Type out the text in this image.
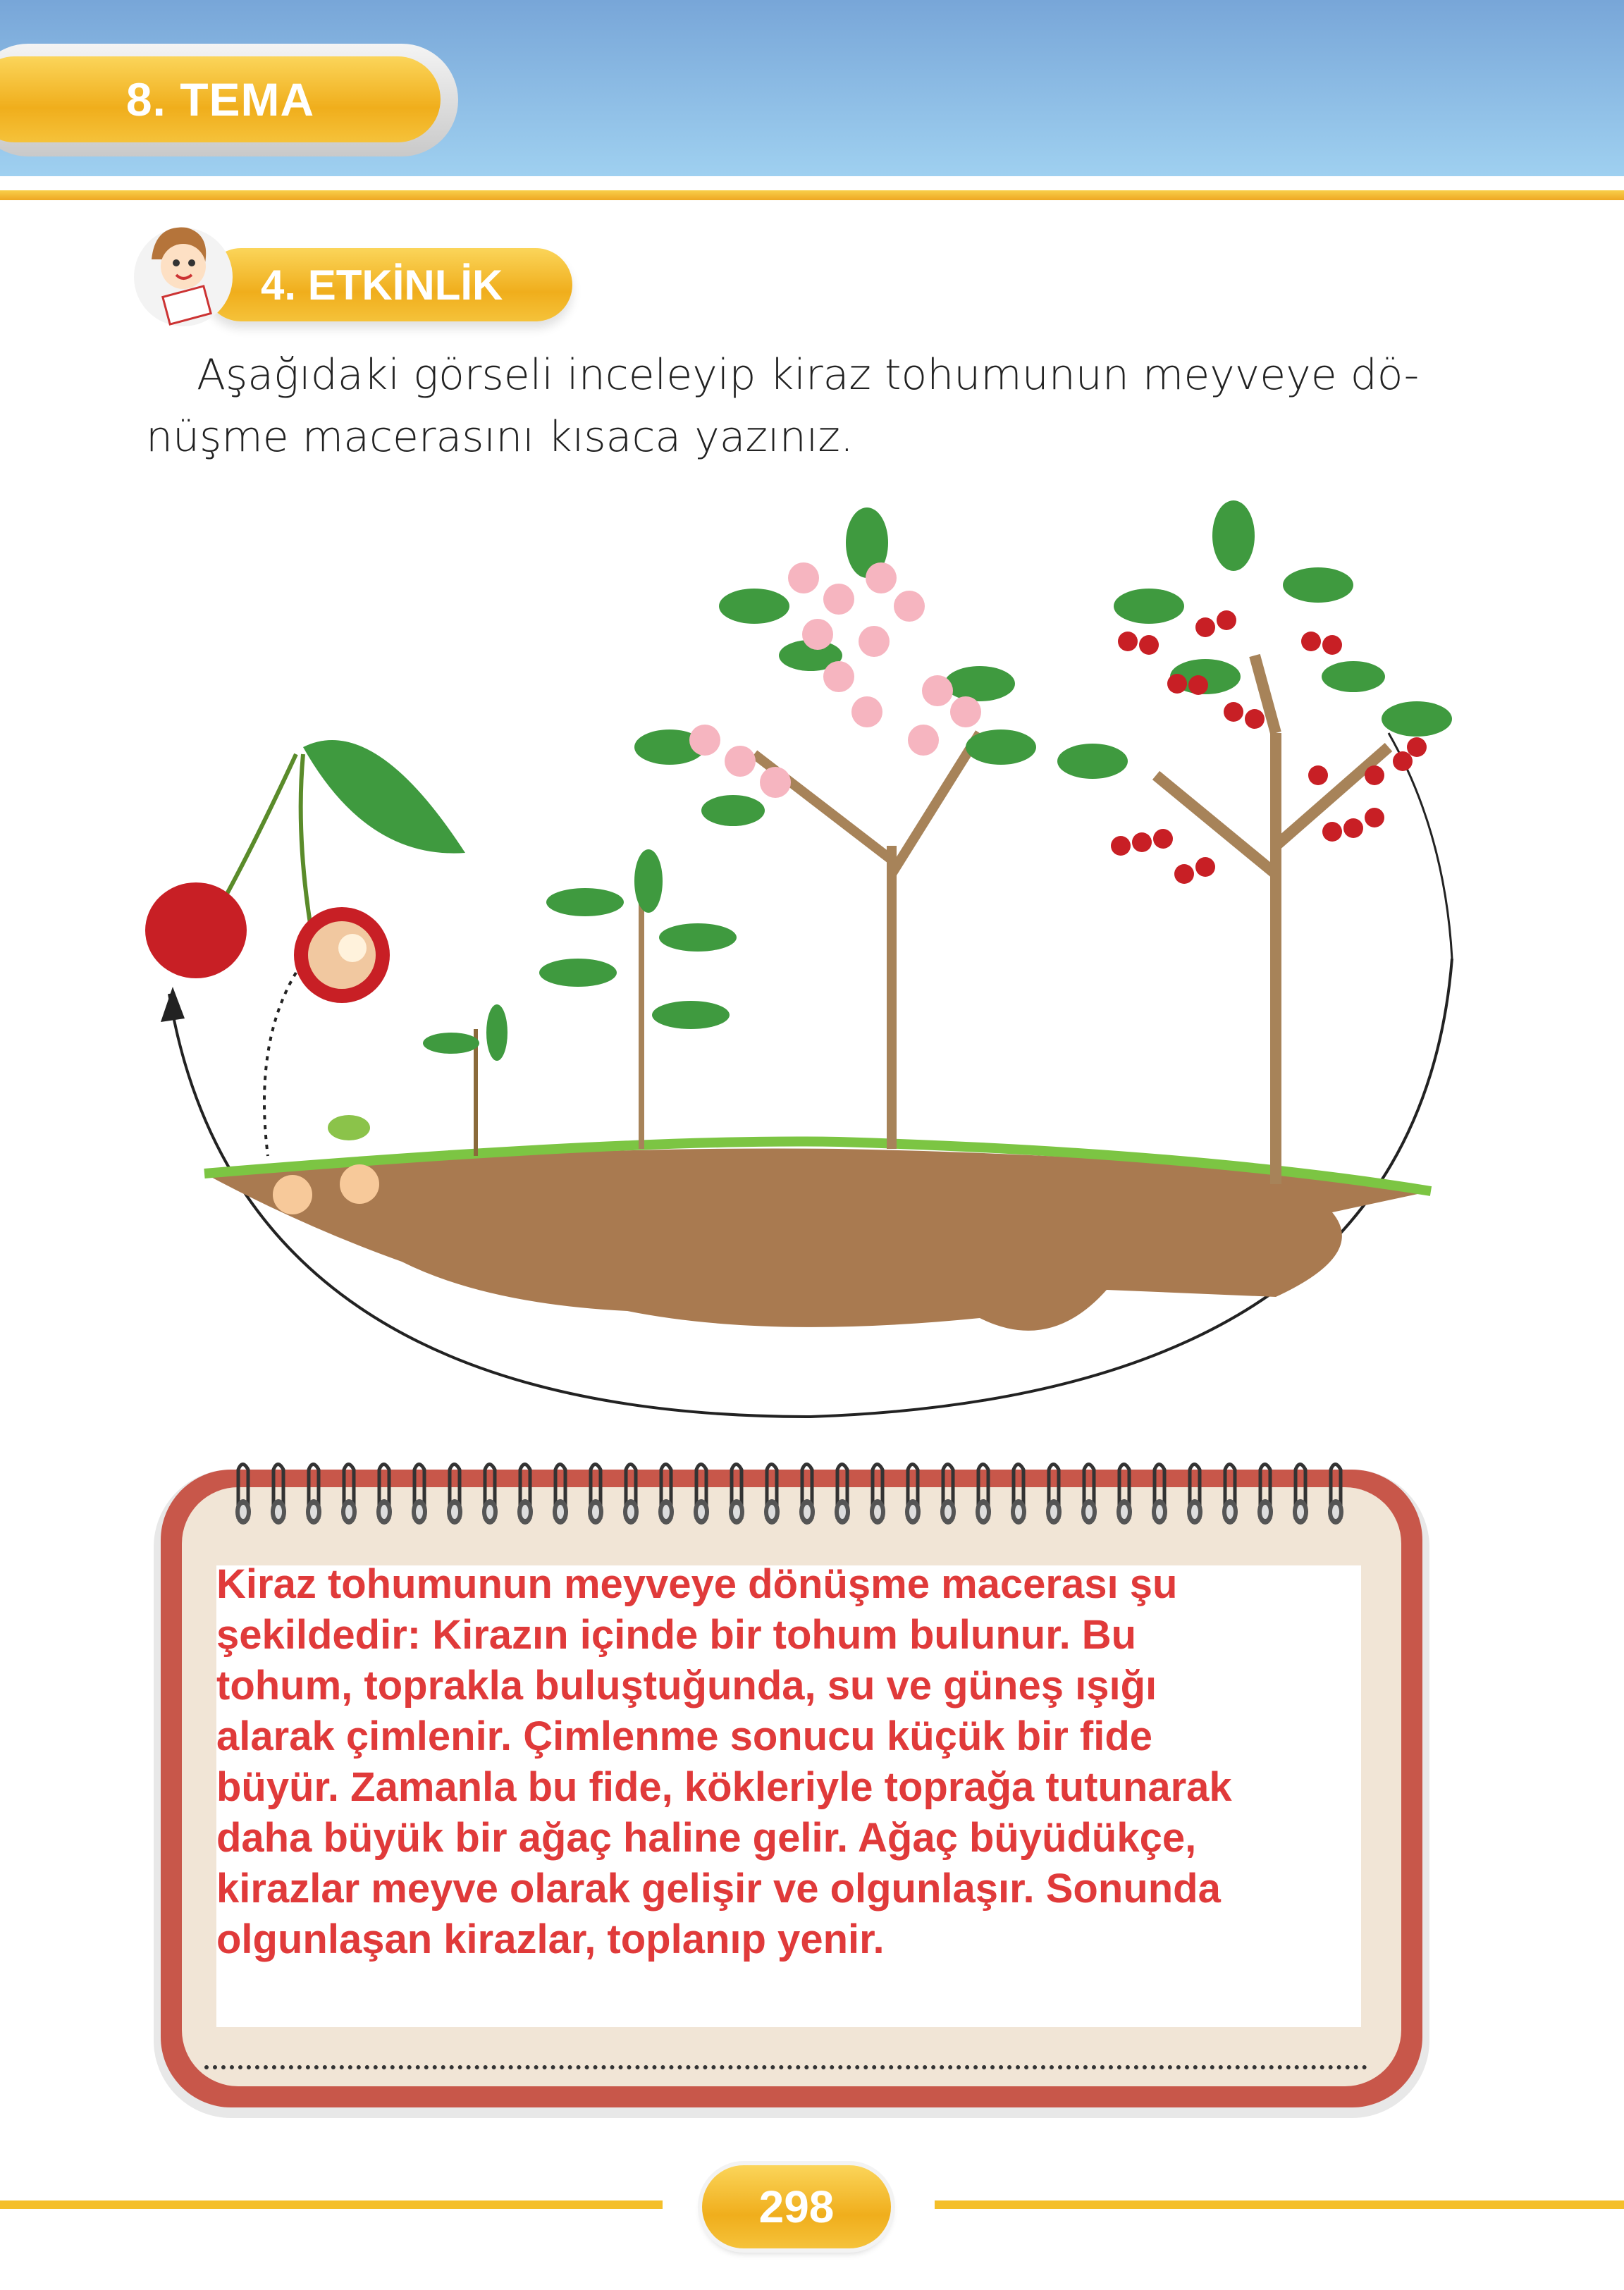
8. TEMA
4. ETKİNLİK

Aşağıdaki görseli inceleyip kiraz tohumunun meyveye dö-

nüşme macerasını kısaca yazınız.

Kiraz tohumunun meyveye dönüşme macerası şu
şekildedir: Kirazın içinde bir tohum bulunur. Bu
tohum, toprakla buluştuğunda, su ve güneş ışığı
alarak çimlenir. Çimlenme sonucu küçük bir fide
büyür. Zamanla bu fide, kökleriyle toprağa tutunarak
daha büyük bir ağaç haline gelir. Ağaç büyüdükçe,
kirazlar meyve olarak gelişir ve olgunlaşır. Sonunda
olgunlaşan kirazlar, toplanıp yenir.
298
